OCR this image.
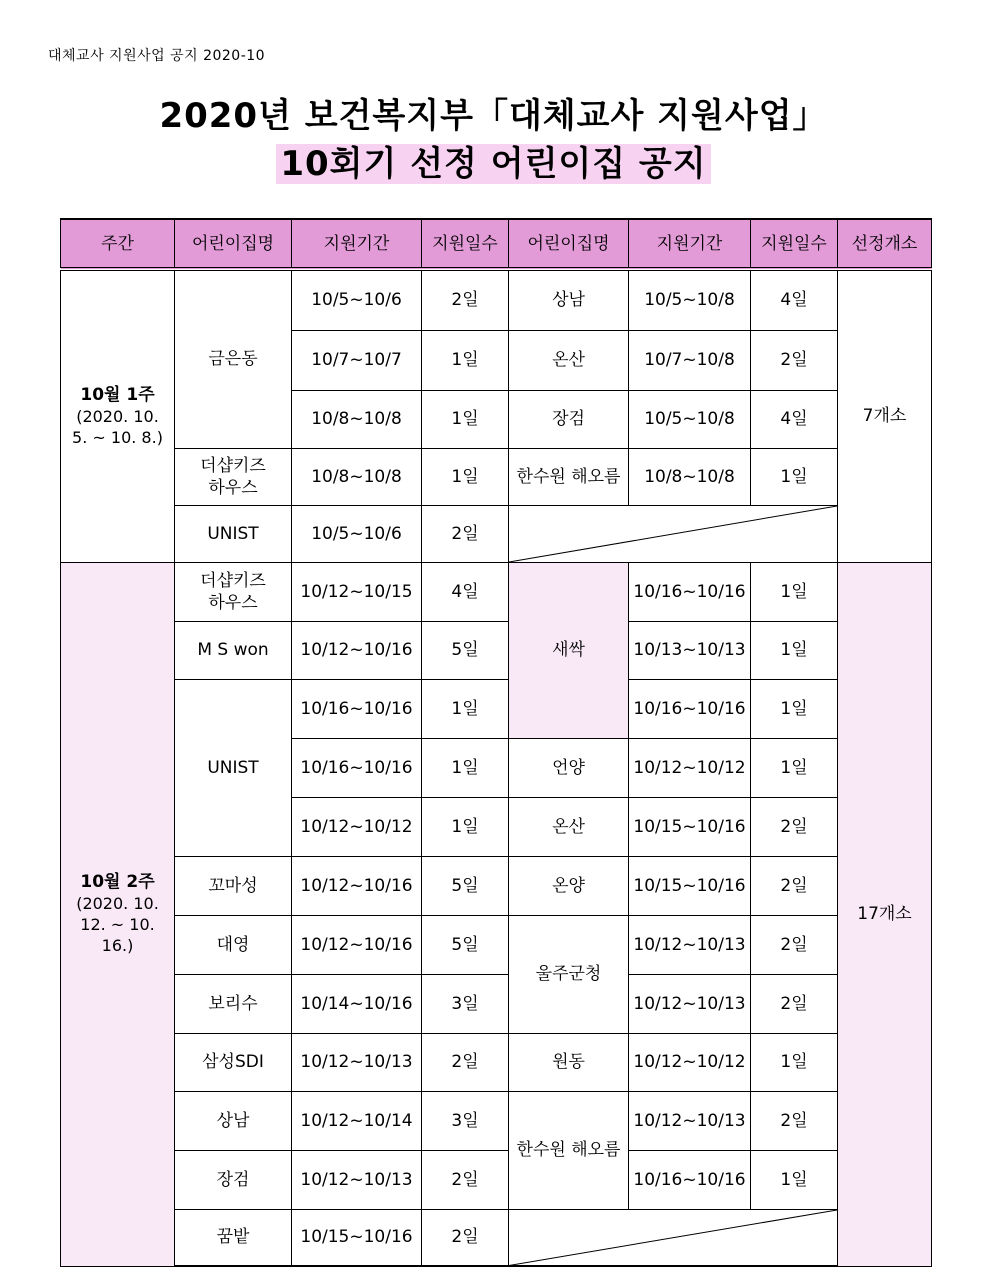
대체교사 지원사업 공지 2020-10
2020년 보건복지부「대체교사 지원사업」
10회기 선정 어린이집 공지
주간	어린이집명	지원기간	지원일수	어린이집명	지원기간	지원일수	선정개소
10월 1주
(2020. 10. 5. ~ 10. 8.)	금은동	10/5~10/6	2일	상남	10/5~10/8	4일	7개소
		10/7~10/7	1일	온산	10/7~10/8	2일	
		10/8~10/8	1일	장검	10/5~10/8	4일	
	더샵키즈 하우스	10/8~10/8	1일	한수원 해오름	10/8~10/8	1일	
	UNIST	10/5~10/6	2일	

10월 2주
(2020. 10. 12. ~ 10. 16.)	더샵키즈 하우스	10/12~10/15	4일	새싹	10/16~10/16	1일	17개소
	M S won	10/12~10/16	5일		10/13~10/13	1일	
	UNIST	10/16~10/16	1일		10/16~10/16	1일	
		10/16~10/16	1일	언양	10/12~10/12	1일	
		10/12~10/12	1일	온산	10/15~10/16	2일	
	꼬마성	10/12~10/16	5일	온양	10/15~10/16	2일	
	대영	10/12~10/16	5일	울주군청	10/12~10/13	2일	
	보리수	10/14~10/16	3일		10/12~10/13	2일	
	삼성SDI	10/12~10/13	2일	원동	10/12~10/12	1일	
	상남	10/12~10/14	3일	한수원 해오름	10/12~10/13	2일	
	장검	10/12~10/13	2일		10/16~10/16	1일	
	꿈밭	10/15~10/16	2일	
